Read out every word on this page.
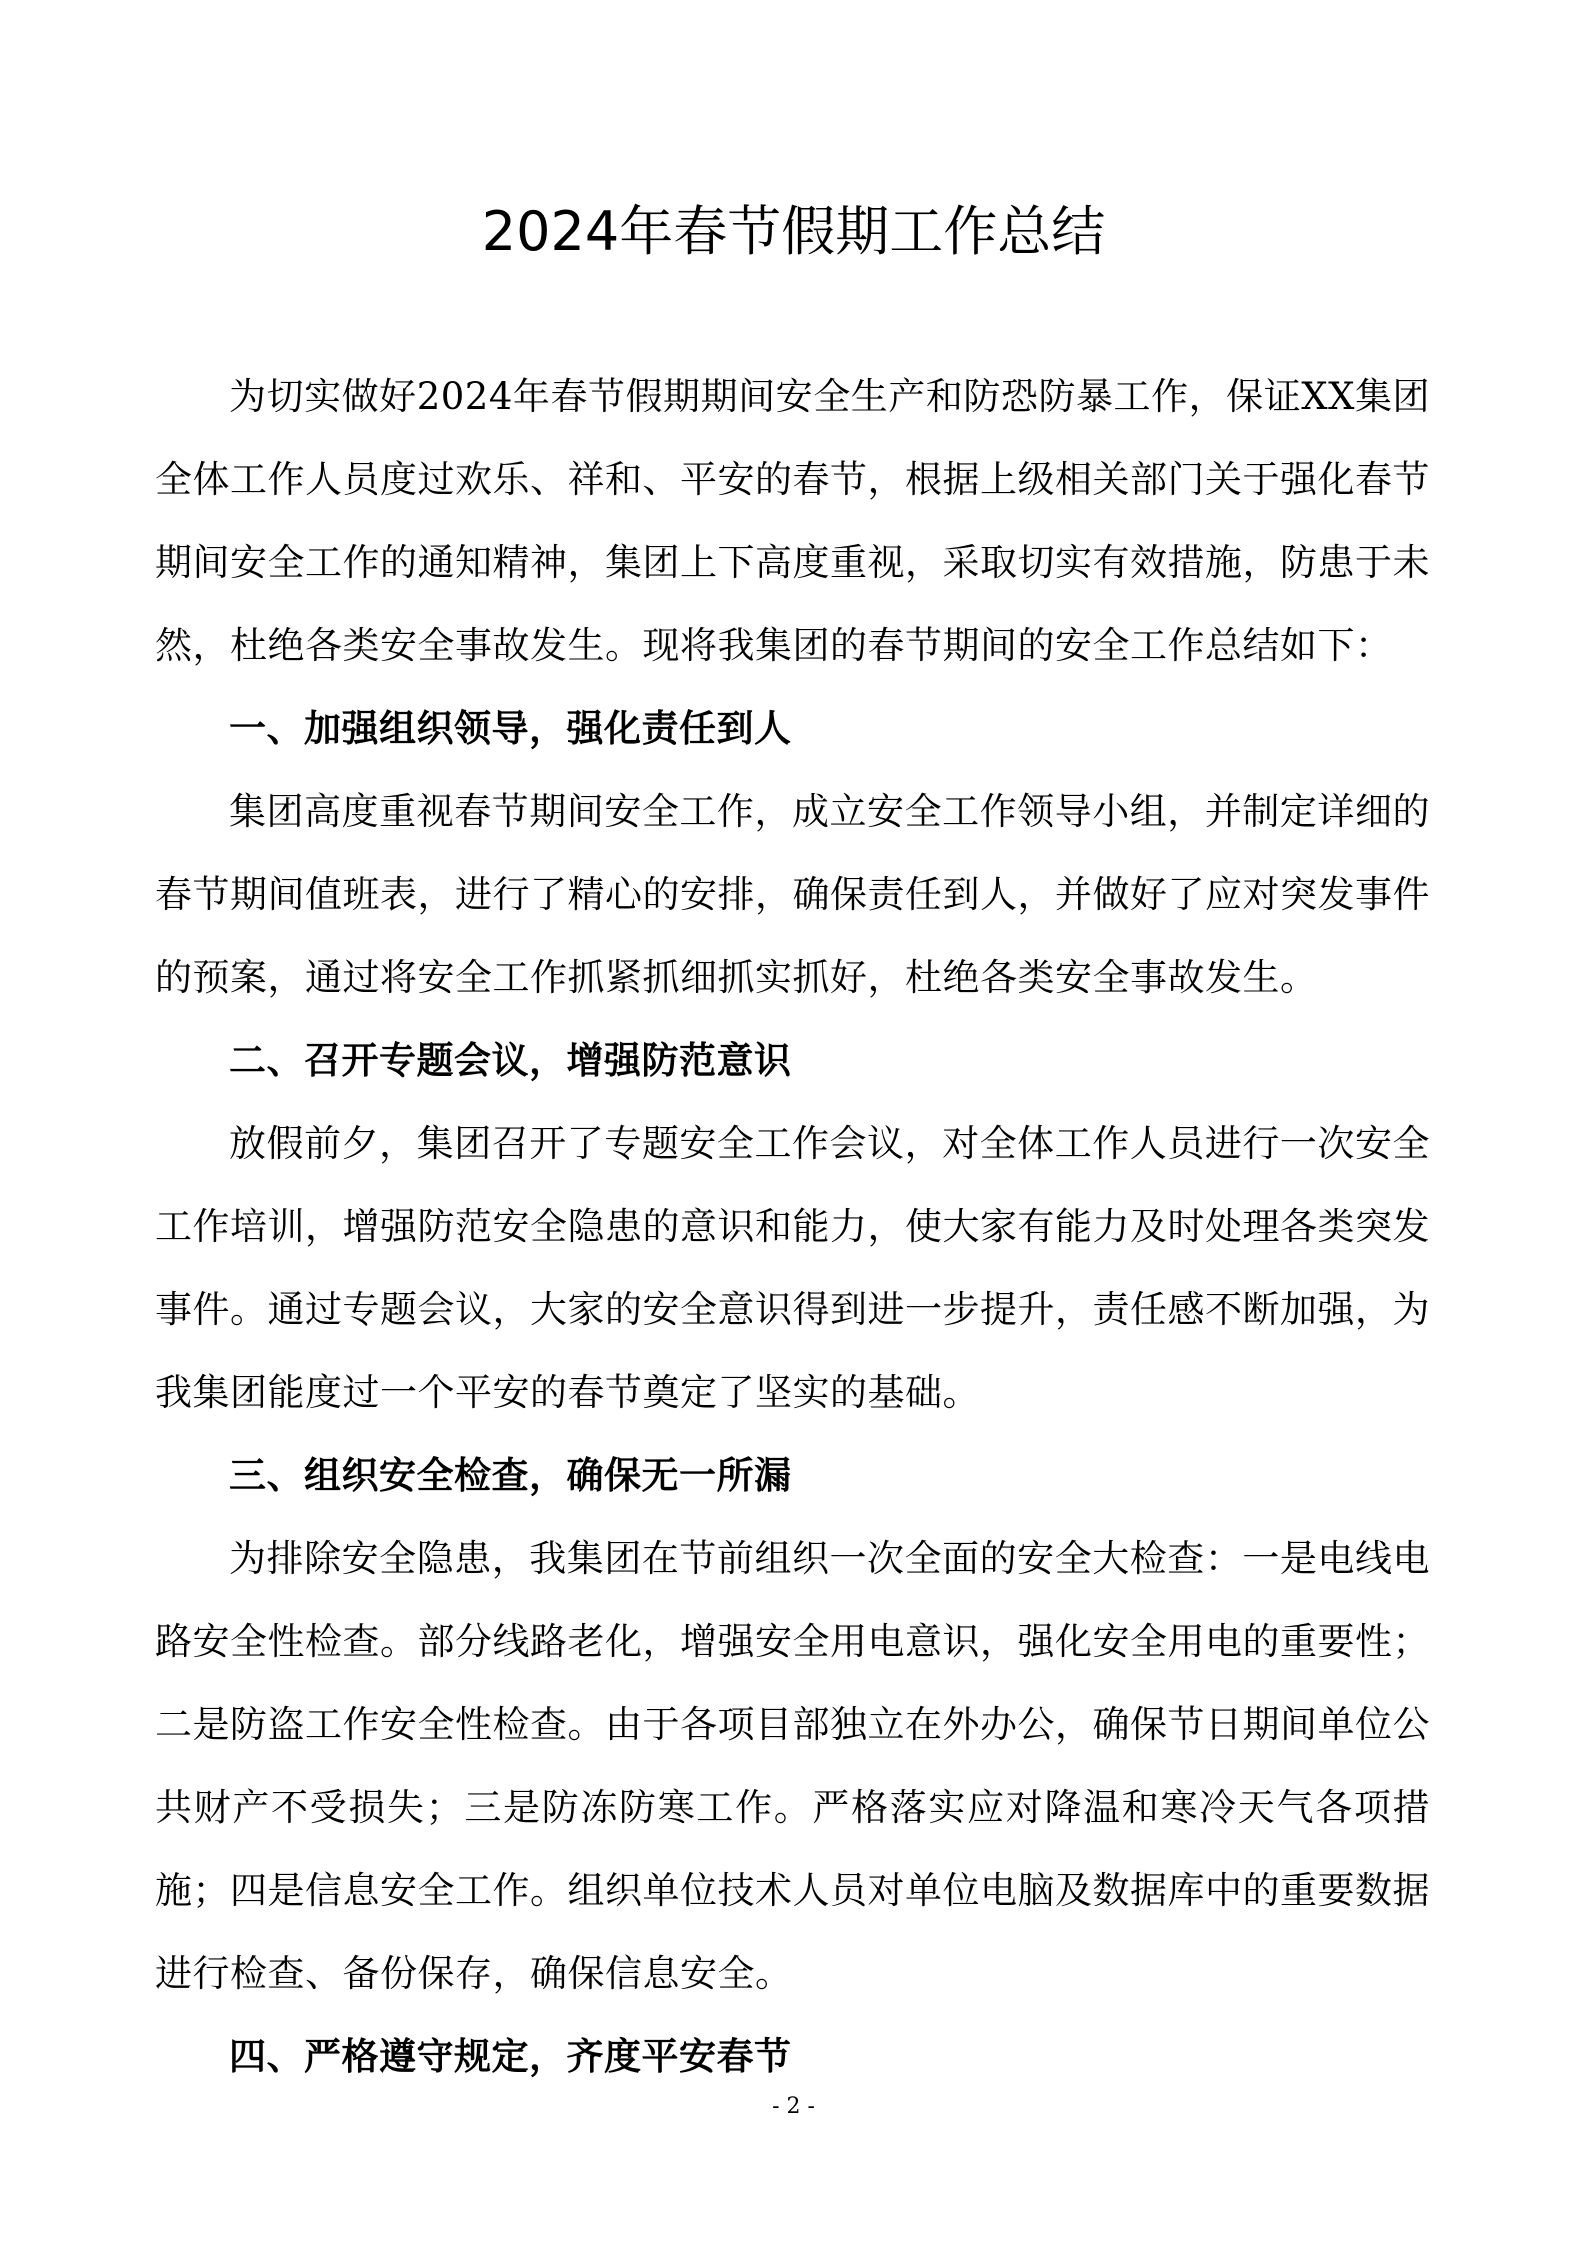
2024年春节假期工作总结

为切实做好2024年春节假期期间安全生产和防恐防暴工作，保证XX集团全体工作人员度过欢乐、祥和、平安的春节，根据上级相关部门关于强化春节期间安全工作的通知精神，集团上下高度重视，采取切实有效措施，防患于未然，杜绝各类安全事故发生。现将我集团的春节期间的安全工作总结如下：

一、加强组织领导，强化责任到人

集团高度重视春节期间安全工作，成立安全工作领导小组，并制定详细的春节期间值班表，进行了精心的安排，确保责任到人，并做好了应对突发事件的预案，通过将安全工作抓紧抓细抓实抓好，杜绝各类安全事故发生。

二、召开专题会议，增强防范意识

放假前夕，集团召开了专题安全工作会议，对全体工作人员进行一次安全工作培训，增强防范安全隐患的意识和能力，使大家有能力及时处理各类突发事件。通过专题会议，大家的安全意识得到进一步提升，责任感不断加强，为我集团能度过一个平安的春节奠定了坚实的基础。

三、组织安全检查，确保无一所漏

为排除安全隐患，我集团在节前组织一次全面的安全大检查：一是电线电路安全性检查。部分线路老化，增强安全用电意识，强化安全用电的重要性；二是防盗工作安全性检查。由于各项目部独立在外办公，确保节日期间单位公共财产不受损失；三是防冻防寒工作。严格落实应对降温和寒冷天气各项措施；四是信息安全工作。组织单位技术人员对单位电脑及数据库中的重要数据进行检查、备份保存，确保信息安全。

四、严格遵守规定，齐度平安春节

- 2 -
